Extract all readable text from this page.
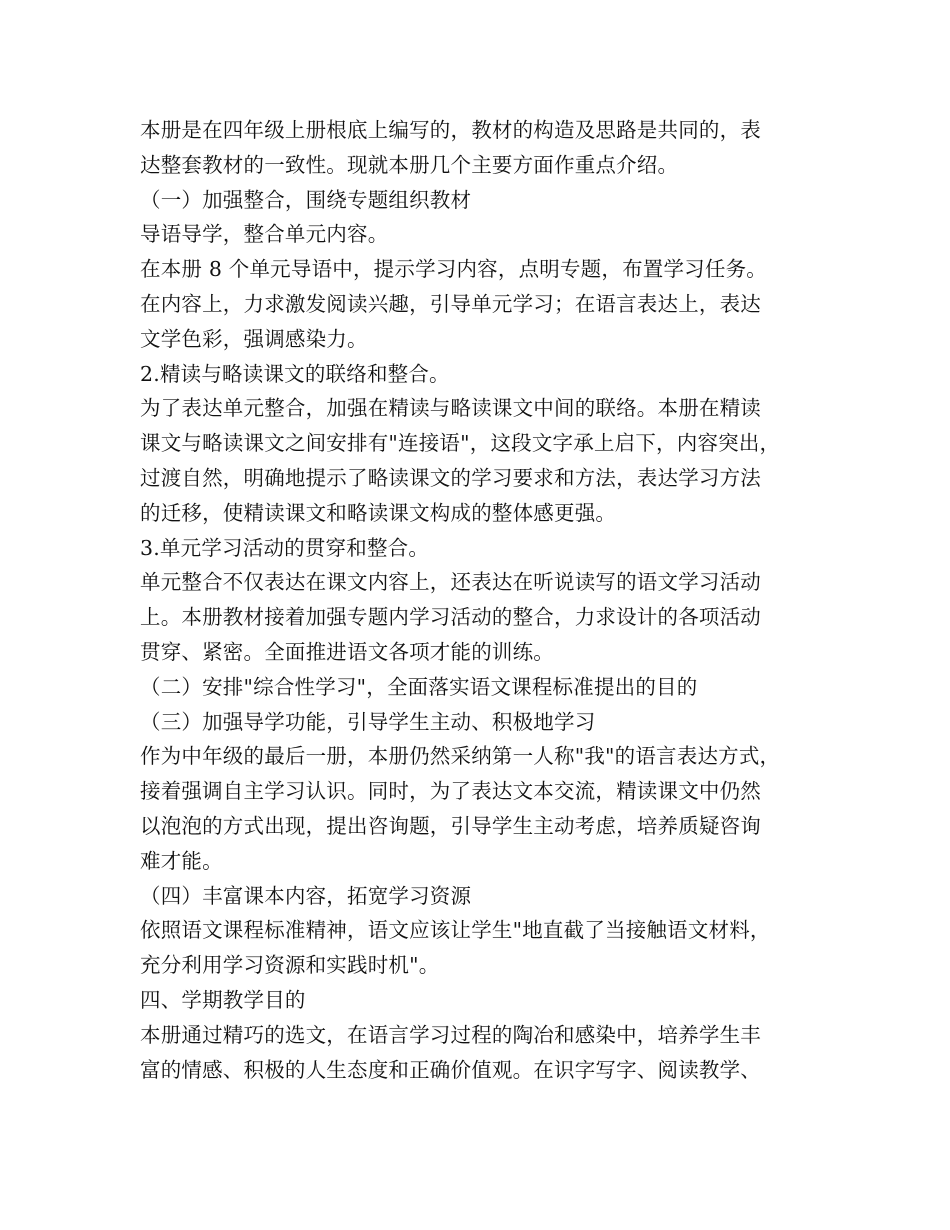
本册是在四年级上册根底上编写的，教材的构造及思路是共同的，表
达整套教材的一致性。现就本册几个主要方面作重点介绍。
（一）加强整合，围绕专题组织教材
导语导学，整合单元内容。
在本册 8 个单元导语中，提示学习内容，点明专题，布置学习任务。
在内容上，力求激发阅读兴趣，引导单元学习；在语言表达上，表达
文学色彩，强调感染力。
2.精读与略读课文的联络和整合。
为了表达单元整合，加强在精读与略读课文中间的联络。本册在精读
课文与略读课文之间安排有"连接语"，这段文字承上启下，内容突出，
过渡自然，明确地提示了略读课文的学习要求和方法，表达学习方法
的迁移，使精读课文和略读课文构成的整体感更强。
3.单元学习活动的贯穿和整合。
单元整合不仅表达在课文内容上，还表达在听说读写的语文学习活动
上。本册教材接着加强专题内学习活动的整合，力求设计的各项活动
贯穿、紧密。全面推进语文各项才能的训练。
（二）安排"综合性学习"，全面落实语文课程标准提出的目的
（三）加强导学功能，引导学生主动、积极地学习
作为中年级的最后一册，本册仍然采纳第一人称"我"的语言表达方式，
接着强调自主学习认识。同时，为了表达文本交流，精读课文中仍然
以泡泡的方式出现，提出咨询题，引导学生主动考虑，培养质疑咨询
难才能。
（四）丰富课本内容，拓宽学习资源
依照语文课程标准精神，语文应该让学生"地直截了当接触语文材料，
充分利用学习资源和实践时机"。
四、学期教学目的
本册通过精巧的选文，在语言学习过程的陶冶和感染中，培养学生丰
富的情感、积极的人生态度和正确价值观。在识字写字、阅读教学、
